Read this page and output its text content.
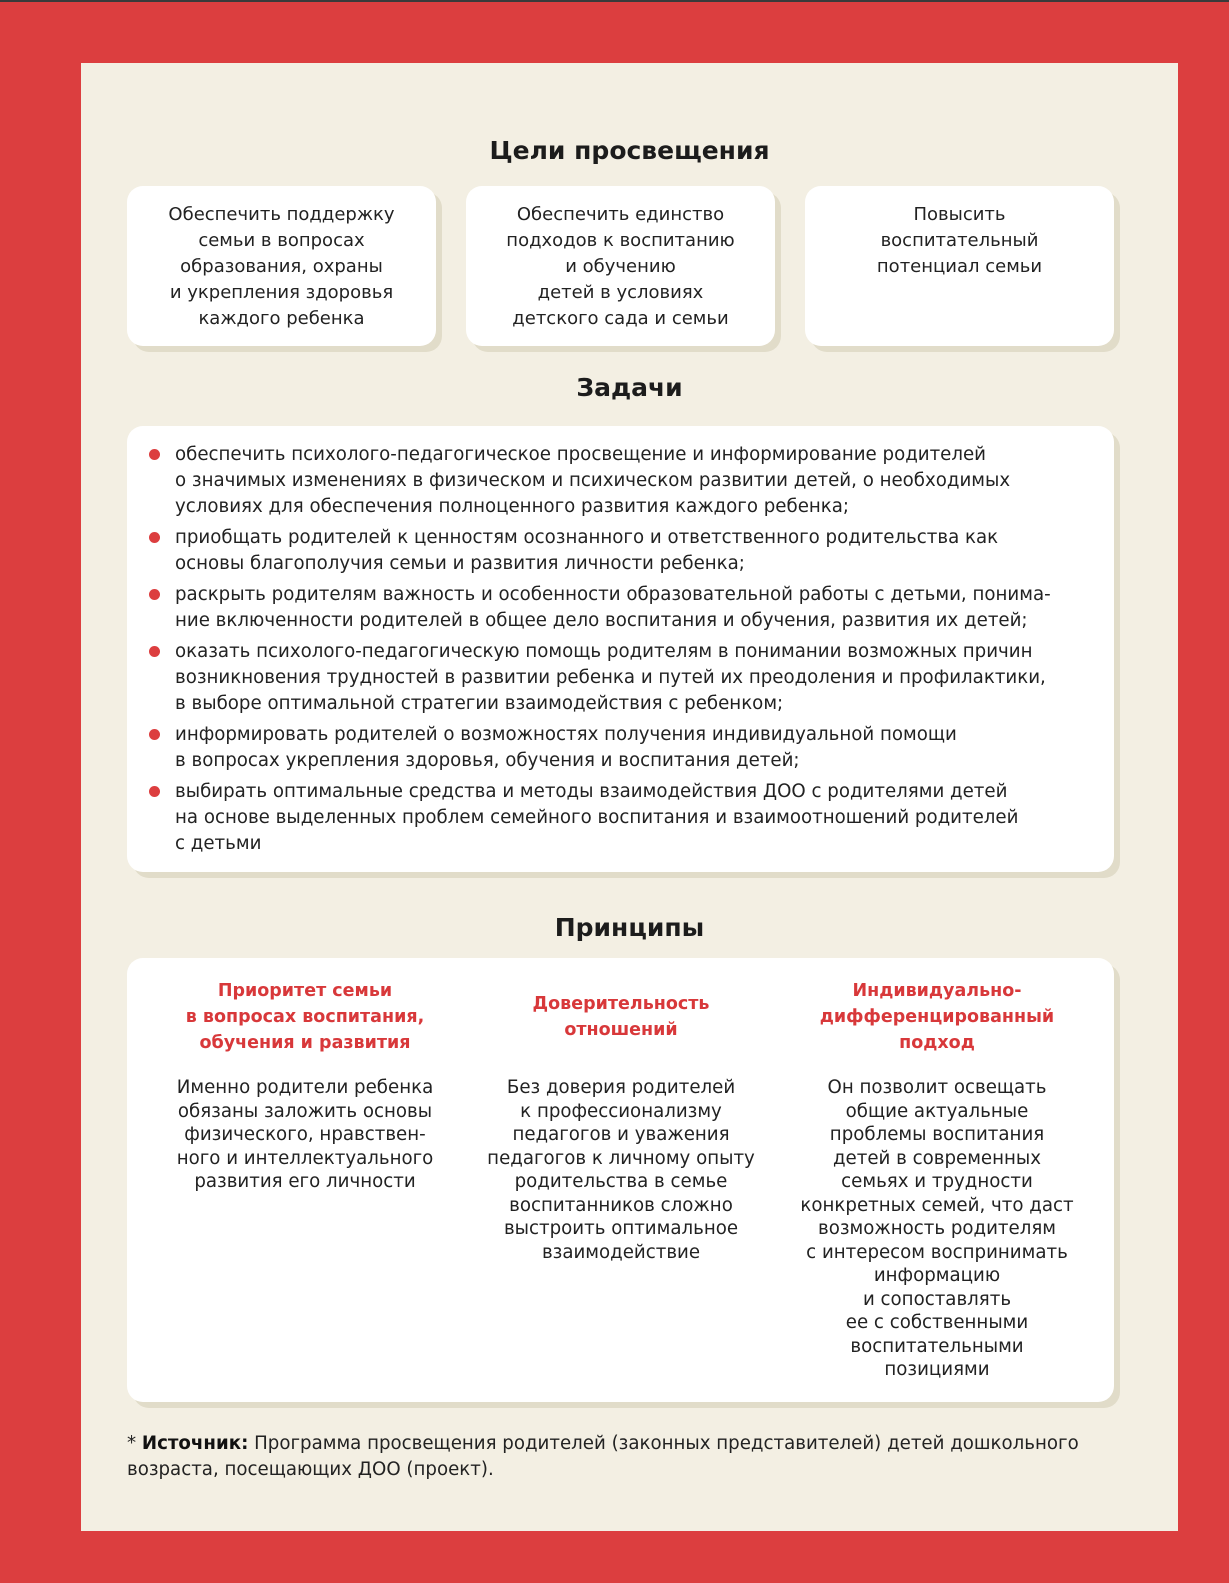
Цели просвещения
Обеспечить поддержку
семьи в вопросах
образования, охраны
и укрепления здоровья
каждого ребенка
Обеспечить единство
подходов к воспитанию
и обучению
детей в условиях
детского сада и семьи
Повысить
воспитательный
потенциал семьи
Задачи
обеспечить психолого-педагогическое просвещение и информирование родителей
о значимых изменениях в физическом и психическом развитии детей, о необходимых
условиях для обеспечения полноценного развития каждого ребенка;
приобщать родителей к ценностям осознанного и ответственного родительства как
основы благополучия семьи и развития личности ребенка;
раскрыть родителям важность и особенности образовательной работы с детьми, понима-
ние включенности родителей в общее дело воспитания и обучения, развития их детей;
оказать психолого-педагогическую помощь родителям в понимании возможных причин
возникновения трудностей в развитии ребенка и путей их преодоления и профилактики,
в выборе оптимальной стратегии взаимодействия с ребенком;
информировать родителей о возможностях получения индивидуальной помощи
в вопросах укрепления здоровья, обучения и воспитания детей;
выбирать оптимальные средства и методы взаимодействия ДОО с родителями детей
на основе выделенных проблем семейного воспитания и взаимоотношений родителей
с детьми
Принципы
Приоритет семьи
в вопросах воспитания,
обучения и развития
Именно родители ребенка
обязаны заложить основы
физического, нравствен-
ного и интеллектуального
развития его личности
Доверительность
отношений
Без доверия родителей
к профессионализму
педагогов и уважения
педагогов к личному опыту
родительства в семье
воспитанников сложно
выстроить оптимальное
взаимодействие
Индивидуально-
дифференцированный
подход
Он позволит освещать
общие актуальные
проблемы воспитания
детей в современных
семьях и трудности
конкретных семей, что даст
возможность родителям
с интересом воспринимать
информацию
и сопоставлять
ее с собственными
воспитательными
позициями
* Источник: Программа просвещения родителей (законных представителей) детей дошкольного возраста, посещающих ДОО (проект).
